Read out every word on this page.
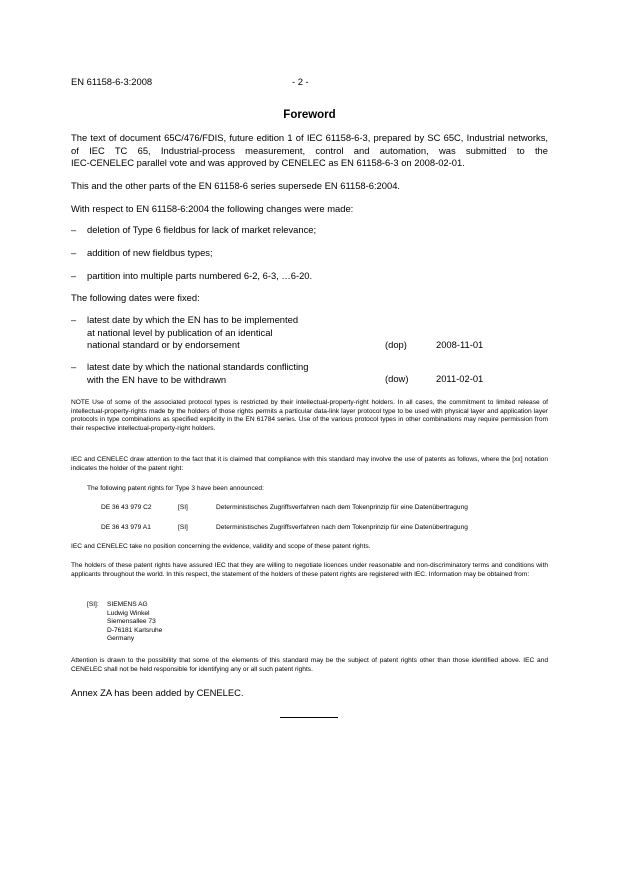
EN 61158-6-3:2008	- 2 -
Foreword
The text of document 65C/476/FDIS, future edition 1 of IEC 61158-6-3, prepared by SC 65C, Industrial networks, of IEC TC 65, Industrial-process measurement, control and automation, was submitted to the
IEC-CENELEC parallel vote and was approved by CENELEC as EN 61158-6-3 on 2008-02-01.
This and the other parts of the EN 61158-6 series supersede EN 61158-6:2004.
With respect to EN 61158-6:2004 the following changes were made:
– deletion of Type 6 fieldbus for lack of market relevance;
– addition of new fieldbus types;
– partition into multiple parts numbered 6-2, 6-3, …6-20.
The following dates were fixed:
– latest date by which the EN has to be implemented
at national level by publication of an identical
national standard or by endorsement	(dop)	2008-11-01
– latest date by which the national standards conflicting
with the EN have to be withdrawn	(dow)	2011-02-01
NOTE Use of some of the associated protocol types is restricted by their intellectual-property-right holders. In all cases, the commitment to limited release of intellectual-property-rights made by the holders of those rights permits a particular data-link layer protocol type to be used with physical layer and application layer protocols in type combinations as specified explicitly in the EN 61784 series. Use of the various protocol types in other combinations may require permission from their respective intellectual-property-right holders.
IEC and CENELEC draw attention to the fact that it is claimed that compliance with this standard may involve the use of patents as follows, where the [xx] notation indicates the holder of the patent right:
The following patent rights for Type 3 have been announced:
DE 36 43 979 C2	[SI]	Deterministisches Zugriffsverfahren nach dem Tokenprinzip für eine Datenübertragung
DE 36 43 979 A1	[SI]	Deterministisches Zugriffsverfahren nach dem Tokenprinzip für eine Datenübertragung
IEC and CENELEC take no position concerning the evidence, validity and scope of these patent rights.
The holders of these patent rights have assured IEC that they are willing to negotiate licences under reasonable and non-discriminatory terms and conditions with applicants throughout the world. In this respect, the statement of the holders of these patent rights are registered with IEC. Information may be obtained from:
[SI]: SIEMENS AG
Ludwig Winkel
Siemensallee 73
D-76181 Karlsruhe
Germany
Attention is drawn to the possibility that some of the elements of this standard may be the subject of patent rights other than those identified above. IEC and CENELEC shall not be held responsible for identifying any or all such patent rights.
Annex ZA has been added by CENELEC.
